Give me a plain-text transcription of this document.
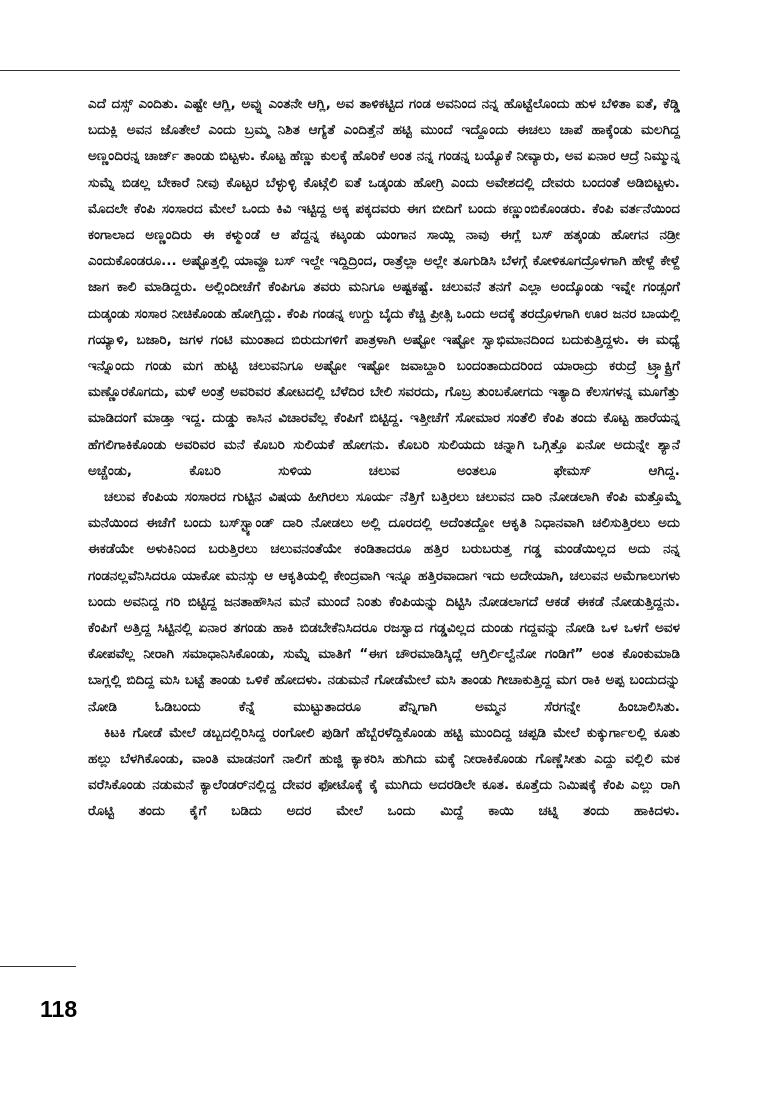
ಎದೆ ದಸ್ಸ್ ಎಂದಿತು. ಎಷ್ಟೇ ಆಗ್ಲಿ, ಅವ್ನು ಎಂತನೇ ಆಗ್ಲಿ, ಅವ ತಾಳಿಕಟ್ಟಿದ ಗಂಡ ಅವನಿಂದ ನನ್ನ ಹೊಟ್ಟೆಲೊಂದು ಹುಳ ಬೆಳಿತಾ ಐತೆ, ಕೆಡ್ಡಿ ಬದುಕ್ಲಿ ಅವನ ಜೊತೇಲೆ ಎಂದು ಬ್ರಮ್ಮ ನಿಶಿತ ಆಗ್ಯೆತೆ ಎಂದಿತ್ತೆನೆ ಹಟ್ಟಿ ಮುಂದೆ ಇದ್ದೊಂದು ಈಚಲು ಚಾಪೆ ಹಾಕ್ಕೆಂಡು ಮಲಗಿದ್ದ ಅಣ್ಣಂದಿರನ್ನ ಚಾರ್ಜ್ ತಾಂಡು ಬಿಟ್ಟಳು. ಕೊಟ್ಟ ಹೆಣ್ಣು ಕುಲಕ್ಕೆ ಹೊರಿಕೆ ಅಂತ ನನ್ನ ಗಂಡನ್ನ ಬಯ್ಯೊಕೆ ನೀವ್ಯಾರು, ಅವ ಏನಾರ ಆದ್ರೆ ನಿಮ್ಮುನ್ನ ಸುಮ್ನೆ ಬಿಡಲ್ಲ ಬೇಕಾರೆ ನೀವು ಕೊಟ್ಟರ ಬೆಳ್ಳುಳ್ಳಿ ಕೊಟ್ಗೆಲಿ ಐತೆ ಒಡ್ಕಂಡು ಹೋಗ್ರಿ ಎಂದು ಅವೇಶದಲ್ಲಿ ದೇವರು ಬಂದಂತೆ ಅಡಿಬಿಟ್ಟಳು. ಮೊದಲೇ ಕೆಂಪಿ ಸಂಸಾರದ ಮೇಲೆ ಒಂದು ಕಿವಿ ಇಟ್ಟಿದ್ದ ಅಕ್ಕ ಪಕ್ಕದವರು ಈಗ ಬೀದಿಗೆ ಬಂದು ಕಣ್ಣುಂಬಿಕೊಂಡರು. ಕೆಂಪಿ ವರ್ತನೆಯಿಂದ ಕಂಗಾಲಾದ ಅಣ್ಣಂದಿರು ಈ ಕಳ್ಮುಂಡೆ ಆ ಪೆದ್ದನ್ನ ಕಟ್ಕಂಡು ಯಂಗಾನ ಸಾಯ್ಲಿ ನಾವು ಈಗ್ಲೆ ಬಸ್ ಹತ್ಕಂಡು ಹೋಗನ ನಡ್ರೀ ಎಂದುಕೊಂಡರೂ... ಅಷ್ಟೊತ್ತಲ್ಲಿ ಯಾವ್ದೂ ಬಸ್ ಇಲ್ದೇ ಇದ್ದಿದ್ರಿಂದ, ರಾತ್ರೆಲ್ಲಾ ಅಲ್ಲೇ ತೂಗುಡಿಸಿ ಬೆಳಗ್ಗೆ ಕೋಳಿಕೂಗದ್ರೊಳಗಾಗಿ ಹೇಳ್ದೆ ಕೇಳ್ದೆ ಜಾಗ ಕಾಲಿ ಮಾಡಿದ್ದರು. ಅಲ್ಲಿಂದೀಚೆಗೆ ಕೆಂಪಿಗೂ ತವರು ಮನಿಗೂ ಅಷ್ಟಕಷ್ಟೆ. ಚಲುವನೆ ತನಗೆ ಎಲ್ಲಾ ಅಂದ್ಕೊಂಡು ಇವ್ನೇ ಗಂಡ್ಸಂಗೆ ದುಡ್ಕಂಡು ಸಂಸಾರ ನೀಚಿಕೊಂಡು ಹೋಗ್ತಿದ್ಲು. ಕೆಂಪಿ ಗಂಡನ್ನ ಉಗ್ದು ಬೈದು ಕೆಚ್ಚಿ ಪ್ರೀತ್ಸಿ ಒಂದು ಅದಕ್ಕೆ ತರದ್ರೊಳಗಾಗಿ ಊರ ಜನರ ಬಾಯಲ್ಲಿ ಗಯ್ಯಾಳಿ, ಬಜಾರಿ, ಜಗಳ ಗಂಟಿ ಮುಂತಾದ ಬಿರುದುಗಳಿಗೆ ಪಾತ್ರಳಾಗಿ ಅಷ್ಟೋ ಇಷ್ಟೋ ಸ್ವಾಭಿಮಾನದಿಂದ ಬದುಕುತ್ತಿದ್ದಳು. ಈ ಮಧ್ಯೆ ಇನ್ನೊಂದು ಗಂಡು ಮಗ ಹುಟ್ಟಿ ಚಲುವನಿಗೂ ಅಷ್ಟೋ ಇಷ್ಟೋ ಜವಾಬ್ದಾರಿ ಬಂದಂತಾದುದರಿಂದ ಯಾರಾದ್ರು ಕರುದ್ರೆ ಟ್ರ್ಯಾಕ್ಟ್ರಿಗೆ ಮಣ್ಣೊರಕೊಗದು, ಮಳೆ ಅಂತ್ರೆ ಅವರಿವರ ತೋಟದಲ್ಲಿ ಬೆಳೆದಿರ ಬೇಲಿ ಸವರದು, ಗೊಬ್ರ ತುಂಬಕೋಗದು ಇತ್ಯಾದಿ ಕೆಲಸಗಳನ್ನ ಮೂಗೆತ್ತು ಮಾಡಿದಂಗೆ ಮಾಡ್ತಾ ಇದ್ದ. ದುಡ್ಡು ಕಾಸಿನ ವಿಚಾರವೆಲ್ಲ ಕೆಂಪಿಗೆ ಬಿಟ್ಟಿದ್ದ. ಇತ್ತೀಚೆಗೆ ಸೋಮಾರ ಸಂತೆಲಿ ಕೆಂಪಿ ತಂದು ಕೊಟ್ಟ ಹಾರೆಯನ್ನ ಹೆಗಲಿಗಾಕಿಕೊಂಡು ಅವರಿವರ ಮನೆ ಕೊಬರಿ ಸುಲಿಯಕೆ ಹೋಗನು. ಕೊಬರಿ ಸುಲಿಯದು ಚನ್ನಾಗಿ ಒಗ್ಗಿತ್ತೊ ಏನೋ ಅದುನ್ನೇ ಶ್ಯಾನೆ ಅಚ್ಚೆಂಡು, ಕೊಬರಿ ಸುಳಿಯ ಚಲುವ ಅಂತಲೂ ಫೇಮಸ್ ಆಗಿದ್ದ.

ಚಲುವ ಕೆಂಪಿಯ ಸಂಸಾರದ ಗುಟ್ಟಿನ ವಿಷಯ ಹೀಗಿರಲು ಸೂರ್ಯ ನೆತ್ತಿಗೆ ಬತ್ತಿರಲು ಚಲುವನ ದಾರಿ ನೋಡಲಾಗಿ ಕೆಂಪಿ ಮತ್ತೊಮ್ಮೆ ಮನೆಯಿಂದ ಈಚೆಗೆ ಬಂದು ಬಸ್‌ಸ್ಟ್ಯಾಂಡ್ ದಾರಿ ನೋಡಲು ಅಲ್ಲಿ ದೂರದಲ್ಲಿ ಅದೆಂತದ್ದೋ ಆಕೃತಿ ನಿಧಾನವಾಗಿ ಚಲಿಸುತ್ತಿರಲು ಅದು ಈಕಡೆಯೇ ಅಳುಕಿನಿಂದ ಬರುತ್ತಿರಲು ಚಲುವನಂತೆಯೇ ಕಂಡಿತಾದರೂ ಹತ್ತಿರ ಬರುಬರುತ್ತ ಗಡ್ಡ ಮಂಡೆಯಿಲ್ಲದ ಅದು ನನ್ನ ಗಂಡನಲ್ಲವೆನಿಸಿದರೂ ಯಾಕೋ ಮನಸ್ಸು ಆ ಆಕೃತಿಯಲ್ಲಿ ಕೇಂದ್ರವಾಗಿ ಇನ್ನೂ ಹತ್ತಿರವಾದಾಗ ಇದು ಅದೇಯಾಗಿ, ಚಲುವನ ಅಮೆಗಾಲುಗಳು ಬಂದು ಅವನಿದ್ದ ಗರಿ ಬಿಟ್ಟಿದ್ದ ಜನತಾಹೌಸಿನ ಮನೆ ಮುಂದೆ ನಿಂತು ಕೆಂಪಿಯನ್ನು ದಿಟ್ಟಿಸಿ ನೋಡಲಾಗದೆ ಆಕಡೆ ಈಕಡೆ ನೋಡುತ್ತಿದ್ದನು. ಕೆಂಪಿಗೆ ಅತ್ತಿದ್ದ ಸಿಟ್ಟಿನಲ್ಲಿ ಏನಾರ ತಗಂಡು ಹಾಕಿ ಬಿಡಬೇಕೆನಿಸಿದರೂ ರಜಸ್ವಾದ ಗಡ್ಡವಿಲ್ಲದ ದುಂಡು ಗದ್ದವನ್ನು ನೋಡಿ ಒಳ ಒಳಗೆ ಅವಳ ಕೋಪವೆಲ್ಲ ನೀರಾಗಿ ಸಮಾಧಾನಿಸಿಕೊಂಡು, ಸುಮ್ನೆ ಮಾತಿಗೆ “ಈಗ ಚೌರಮಾಡಿಸ್ಕಿದ್ಲೆ ಆಗ್ತಿರ್ಲಿಲ್ವೆನೋ ಗಂಡಿಗೆ” ಅಂತ ಕೊಂಕುಮಾಡಿ ಬಾಗ್ಲಲ್ಲಿ ಬಿದಿದ್ದ ಮಸಿ ಬಟ್ಟೆ ತಾಂಡು ಒಳಿಕೆ ಹೋದಳು. ನಡುಮನೆ ಗೋಡೆಮೇಲೆ ಮಸಿ ತಾಂಡು ಗೀಚಾಕುತ್ತಿದ್ದ ಮಗ ರಾಕಿ ಅಪ್ಪ ಬಂದುದನ್ನು ನೋಡಿ ಓಡಿಬಂದು ಕೆನ್ನೆ ಮುಟ್ಟುತಾದರೂ ಪೆನ್ನಿಗಾಗಿ ಅಮ್ಮನ ಸೆರಗನ್ನೇ ಹಿಂಬಾಲಿಸಿತು.

ಕಿಟಕಿ ಗೋಡೆ ಮೇಲೆ ಡಬ್ಬದಲ್ಲಿರಿಸಿದ್ದ ರಂಗೋಲಿ ಪುಡಿಗೆ ಹೆಬ್ಬೆರಳೆದ್ದಿಕೊಂಡು ಹಟ್ಟಿ ಮುಂದಿದ್ದ ಚಪ್ಪಡಿ ಮೇಲೆ ಕುಕ್ಕುರ್ಗಾಲಲ್ಲಿ ಕೂತು ಹಲ್ಲು ಬೆಳಗಿಕೊಂಡು, ವಾಂತಿ ಮಾಡನಂಗೆ ನಾಲಿಗೆ ಹುಜ್ಜಿ ಕ್ಯಾಕರಿಸಿ ಹುಗಿದು ಮಕ್ಕೆ ನೀರಾಕಿಕೊಂಡು ಗೊಣ್ಣೆಸೀತು ಎದ್ದು ವಲ್ಲಿಲಿ ಮಕ ವರೆಸಿಕೊಂಡು ನಡುಮನೆ ಕ್ಯಾಲೆಂಡರ್‌ನಲ್ಲಿದ್ದ ದೇವರ ಫೋಟೊಕ್ಕೆ ಕೈ ಮುಗಿದು ಅದರಡಿಲೇ ಕೂತ. ಕೂತ್ತೆದು ನಿಮಿಷಕ್ಕೆ ಕೆಂಪಿ ಎಲ್ಲು ರಾಗಿ ರೊಟ್ಟಿ ತಂದು ಕೈಗೆ ಬಡಿದು ಅದರ ಮೇಲೆ ಒಂದು ಮಿದ್ದೆ ಕಾಯಿ ಚಟ್ನಿ ತಂದು ಹಾಕಿದಳು.

118
